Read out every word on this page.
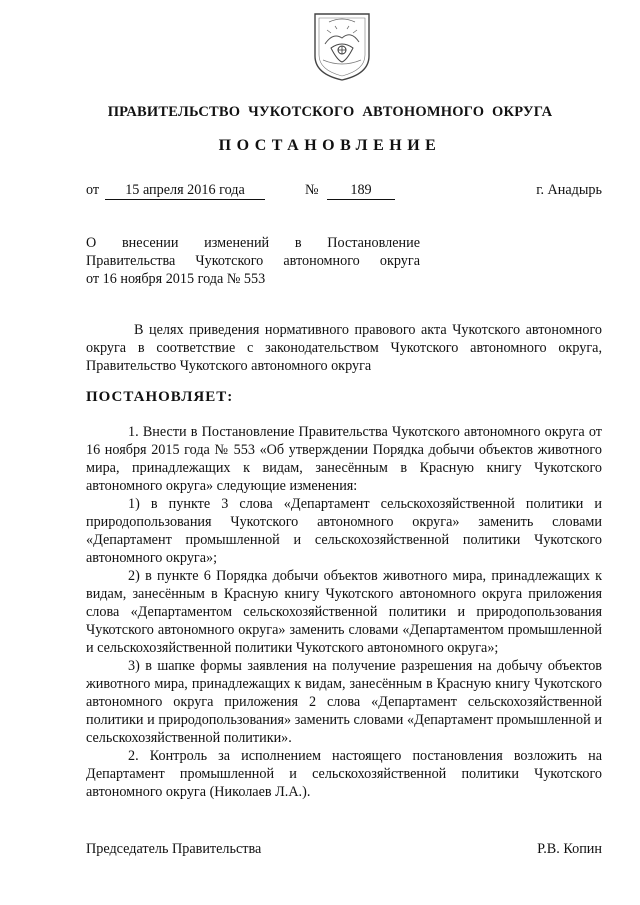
ПРАВИТЕЛЬСТВО ЧУКОТСКОГО АВТОНОМНОГО ОКРУГА
ПОСТАНОВЛЕНИЕ
от	15 апреля 2016 года	№	189	г. Анадырь
О внесении изменений в Постановление
Правительства Чукотского автономного округа
от 16 ноября 2015 года № 553

В целях приведения нормативного правового акта Чукотского автономного округа в соответствие с законодательством Чукотского автономного округа, Правительство Чукотского автономного округа

ПОСТАНОВЛЯЕТ:

1. Внести в Постановление Правительства Чукотского автономного округа от 16 ноября 2015 года № 553 «Об утверждении Порядка добычи объектов животного мира, принадлежащих к видам, занесённым в Красную книгу Чукотского автономного округа» следующие изменения:

1) в пункте 3 слова «Департамент сельскохозяйственной политики и природопользования Чукотского автономного округа» заменить словами «Департамент промышленной и сельскохозяйственной политики Чукотского автономного округа»;

2) в пункте 6 Порядка добычи объектов животного мира, принадлежащих к видам, занесённым в Красную книгу Чукотского автономного округа приложения слова «Департаментом сельскохозяйственной политики и природопользования Чукотского автономного округа» заменить словами «Департаментом промышленной и сельскохозяйственной политики Чукотского автономного округа»;

3) в шапке формы заявления на получение разрешения на добычу объектов животного мира, принадлежащих к видам, занесённым в Красную книгу Чукотского автономного округа приложения 2 слова «Департамент сельскохозяйственной политики и природопользования» заменить словами «Департамент промышленной и сельскохозяйственной политики».

2. Контроль за исполнением настоящего постановления возложить на Департамент промышленной и сельскохозяйственной политики Чукотского автономного округа (Николаев Л.А.).

Председатель Правительства	Р.В. Копин
